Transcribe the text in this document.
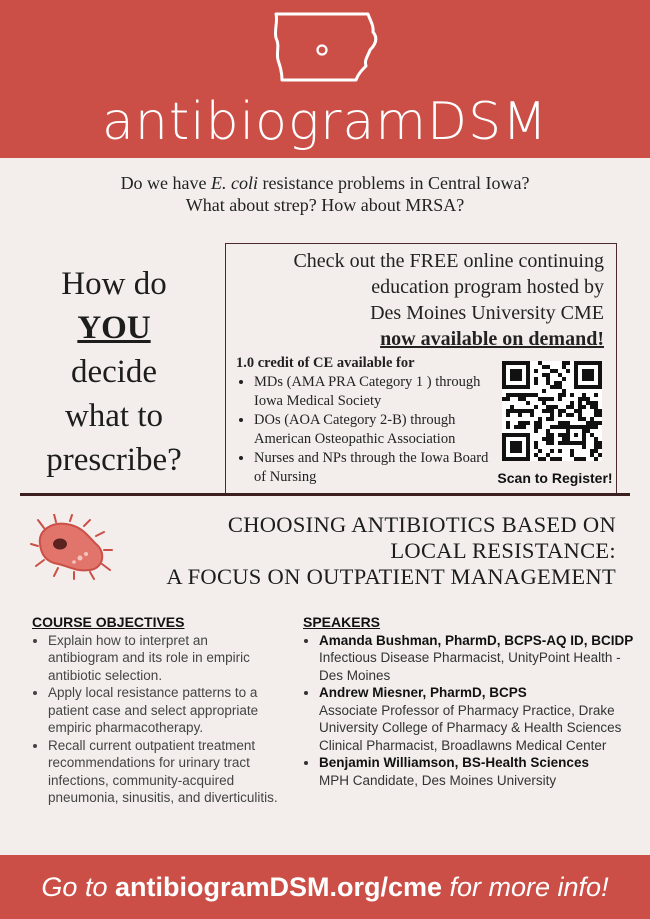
antibiogramDSM
Do we have E. coli resistance problems in Central Iowa?
What about strep? How about MRSA?
How do
YOU
decide
what to
prescribe?
Check out the FREE online continuing
education program hosted by
Des Moines University CME
now available on demand!
1.0 credit of CE available for
• MDs (AMA PRA Category 1 ) through Iowa Medical Society
• DOs (AOA Category 2-B) through American Osteopathic Association
• Nurses and NPs through the Iowa Board of Nursing	Scan to Register!
CHOOSING ANTIBIOTICS BASED ON
LOCAL RESISTANCE:
A FOCUS ON OUTPATIENT MANAGEMENT
COURSE OBJECTIVES
• Explain how to interpret an antibiogram and its role in empiric antibiotic selection.
• Apply local resistance patterns to a patient case and select appropriate empiric pharmacotherapy.
• Recall current outpatient treatment recommendations for urinary tract infections, community-acquired pneumonia, sinusitis, and diverticulitis.
SPEAKERS
• Amanda Bushman, PharmD, BCPS-AQ ID, BCIDP
Infectious Disease Pharmacist, UnityPoint Health - Des Moines
• Andrew Miesner, PharmD, BCPS
Associate Professor of Pharmacy Practice, Drake University College of Pharmacy & Health Sciences
Clinical Pharmacist, Broadlawns Medical Center
• Benjamin Williamson, BS-Health Sciences
MPH Candidate, Des Moines University
Go to antibiogramDSM.org/cme for more info!
